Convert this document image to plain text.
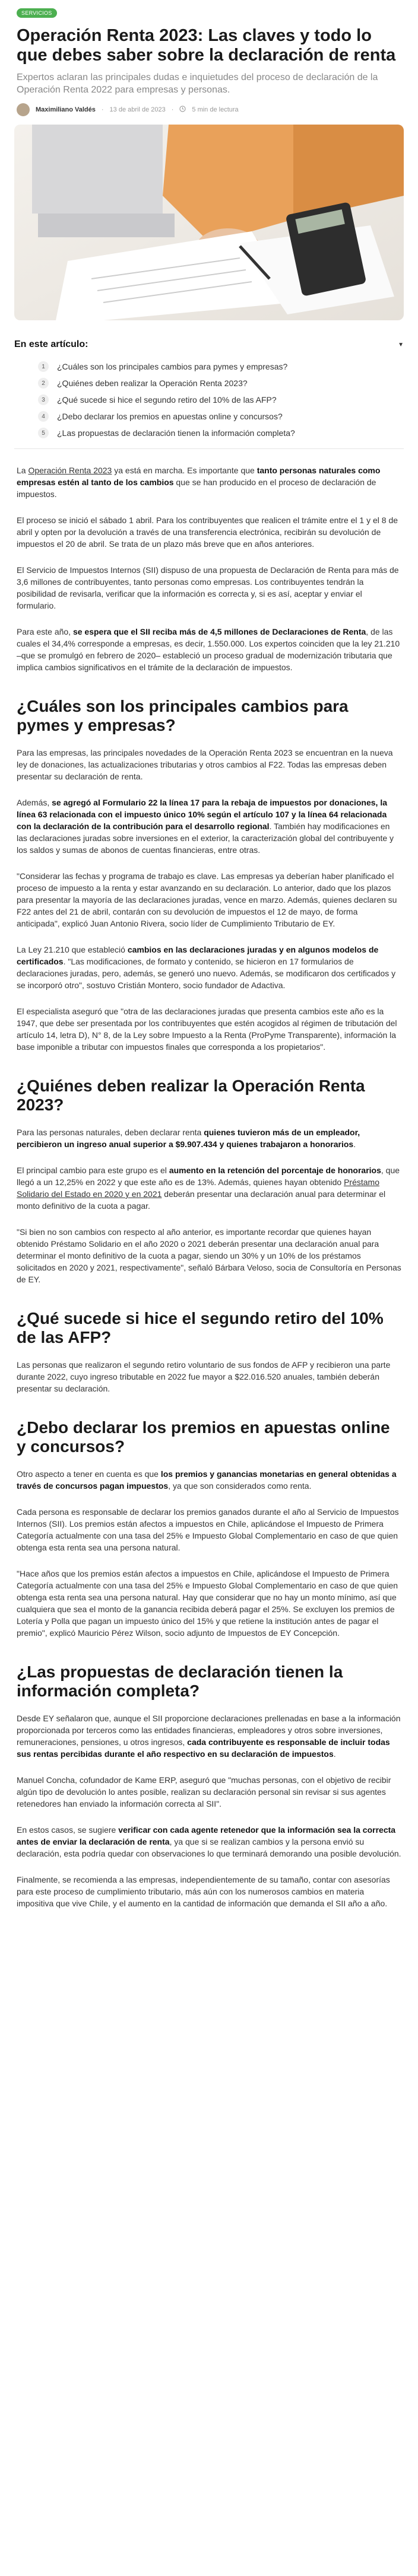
SERVICIOS
Operación Renta 2023: Las claves y todo lo que debes saber sobre la declaración de renta
Expertos aclaran las principales dudas e inquietudes del proceso de declaración de la Operación Renta 2022 para empresas y personas.
Maximiliano Valdés · 13 de abril de 2023 ·	5 min de lectura
En este artículo:	▼
1	¿Cuáles son los principales cambios para pymes y empresas?
2	¿Quiénes deben realizar la Operación Renta 2023?
3	¿Qué sucede si hice el segundo retiro del 10% de las AFP?
4	¿Debo declarar los premios en apuestas online y concursos?
5	¿Las propuestas de declaración tienen la información completa?

La Operación Renta 2023 ya está en marcha. Es importante que tanto personas naturales como empresas estén al tanto de los cambios que se han producido en el proceso de declaración de impuestos.

El proceso se inició el sábado 1 abril. Para los contribuyentes que realicen el trámite entre el 1 y el 8 de abril y opten por la devolución a través de una transferencia electrónica, recibirán su devolución de impuestos el 20 de abril. Se trata de un plazo más breve que en años anteriores.

El Servicio de Impuestos Internos (SII) dispuso de una propuesta de Declaración de Renta para más de 3,6 millones de contribuyentes, tanto personas como empresas. Los contribuyentes tendrán la posibilidad de revisarla, verificar que la información es correcta y, si es así, aceptar y enviar el formulario.

Para este año, se espera que el SII reciba más de 4,5 millones de Declaraciones de Renta, de las cuales el 34,4% corresponde a empresas, es decir, 1.550.000. Los expertos coinciden que la ley 21.210 –que se promulgó en febrero de 2020– estableció un proceso gradual de modernización tributaria que implica cambios significativos en el trámite de la declaración de impuestos.

¿Cuáles son los principales cambios para pymes y empresas?

Para las empresas, las principales novedades de la Operación Renta 2023 se encuentran en la nueva ley de donaciones, las actualizaciones tributarias y otros cambios al F22. Todas las empresas deben presentar su declaración de renta.

Además, se agregó al Formulario 22 la línea 17 para la rebaja de impuestos por donaciones, la línea 63 relacionada con el impuesto único 10% según el artículo 107 y la línea 64 relacionada con la declaración de la contribución para el desarrollo regional. También hay modificaciones en las declaraciones juradas sobre inversiones en el exterior, la caracterización global del contribuyente y los saldos y sumas de abonos de cuentas financieras, entre otras.

"Considerar las fechas y programa de trabajo es clave. Las empresas ya deberían haber planificado el proceso de impuesto a la renta y estar avanzando en su declaración. Lo anterior, dado que los plazos para presentar la mayoría de las declaraciones juradas, vence en marzo. Además, quienes declaren su F22 antes del 21 de abril, contarán con su devolución de impuestos el 12 de mayo, de forma anticipada", explicó Juan Antonio Rivera, socio líder de Cumplimiento Tributario de EY.

La Ley 21.210 que estableció cambios en las declaraciones juradas y en algunos modelos de certificados. "Las modificaciones, de formato y contenido, se hicieron en 17 formularios de declaraciones juradas, pero, además, se generó uno nuevo. Además, se modificaron dos certificados y se incorporó otro", sostuvo Cristián Montero, socio fundador de Adactiva.

El especialista aseguró que "otra de las declaraciones juradas que presenta cambios este año es la 1947, que debe ser presentada por los contribuyentes que estén acogidos al régimen de tributación del artículo 14, letra D), N° 8, de la Ley sobre Impuesto a la Renta (ProPyme Transparente), información la base imponible a tributar con impuestos finales que corresponda a los propietarios".

¿Quiénes deben realizar la Operación Renta 2023?

Para las personas naturales, deben declarar renta quienes tuvieron más de un empleador, percibieron un ingreso anual superior a $9.907.434 y quienes trabajaron a honorarios.

El principal cambio para este grupo es el aumento en la retención del porcentaje de honorarios, que llegó a un 12,25% en 2022 y que este año es de 13%. Además, quienes hayan obtenido Préstamo Solidario del Estado en 2020 y en 2021 deberán presentar una declaración anual para determinar el monto definitivo de la cuota a pagar.

"Si bien no son cambios con respecto al año anterior, es importante recordar que quienes hayan obtenido Préstamo Solidario en el año 2020 o 2021 deberán presentar una declaración anual para determinar el monto definitivo de la cuota a pagar, siendo un 30% y un 10% de los préstamos solicitados en 2020 y 2021, respectivamente", señaló Bárbara Veloso, socia de Consultoría en Personas de EY.

¿Qué sucede si hice el segundo retiro del 10% de las AFP?

Las personas que realizaron el segundo retiro voluntario de sus fondos de AFP y recibieron una parte durante 2022, cuyo ingreso tributable en 2022 fue mayor a $22.016.520 anuales, también deberán presentar su declaración.

¿Debo declarar los premios en apuestas online y concursos?

Otro aspecto a tener en cuenta es que los premios y ganancias monetarias en general obtenidas a través de concursos pagan impuestos, ya que son considerados como renta.

Cada persona es responsable de declarar los premios ganados durante el año al Servicio de Impuestos Internos (SII). Los premios están afectos a impuestos en Chile, aplicándose el Impuesto de Primera Categoría actualmente con una tasa del 25% e Impuesto Global Complementario en caso de que quien obtenga esta renta sea una persona natural.

"Hace años que los premios están afectos a impuestos en Chile, aplicándose el Impuesto de Primera Categoría actualmente con una tasa del 25% e Impuesto Global Complementario en caso de que quien obtenga esta renta sea una persona natural. Hay que considerar que no hay un monto mínimo, así que cualquiera que sea el monto de la ganancia recibida deberá pagar el 25%. Se excluyen los premios de Lotería y Polla que pagan un impuesto único del 15% y que retiene la institución antes de pagar el premio", explicó Mauricio Pérez Wilson, socio adjunto de Impuestos de EY Concepción.

¿Las propuestas de declaración tienen la información completa?

Desde EY señalaron que, aunque el SII proporcione declaraciones prellenadas en base a la información proporcionada por terceros como las entidades financieras, empleadores y otros sobre inversiones, remuneraciones, pensiones, u otros ingresos, cada contribuyente es responsable de incluir todas sus rentas percibidas durante el año respectivo en su declaración de impuestos.

Manuel Concha, cofundador de Kame ERP, aseguró que "muchas personas, con el objetivo de recibir algún tipo de devolución lo antes posible, realizan su declaración personal sin revisar si sus agentes retenedores han enviado la información correcta al SII".

En estos casos, se sugiere verificar con cada agente retenedor que la información sea la correcta antes de enviar la declaración de renta, ya que si se realizan cambios y la persona envió su declaración, esta podría quedar con observaciones lo que terminará demorando una posible devolución.

Finalmente, se recomienda a las empresas, independientemente de su tamaño, contar con asesorías para este proceso de cumplimiento tributario, más aún con los numerosos cambios en materia impositiva que vive Chile, y el aumento en la cantidad de información que demanda el SII año a año.
